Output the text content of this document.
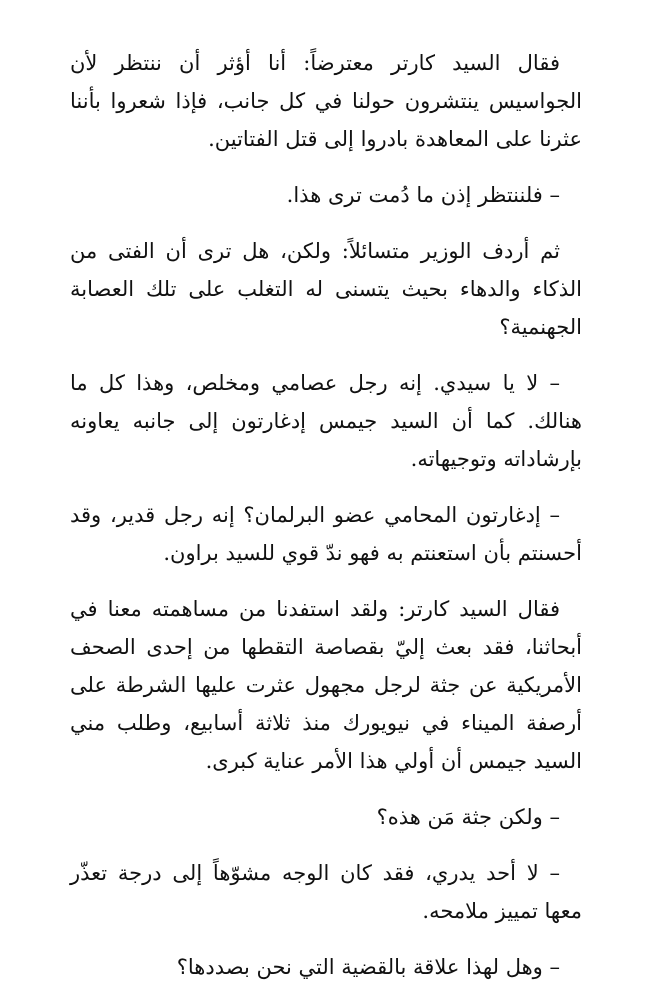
فقال السيد كارتر معترضاً: أنا أؤثر أن ننتظر لأن الجواسيس ينتشرون حولنا في كل جانب، فإذا شعروا بأننا عثرنا على المعاهدة بادروا إلى قتل الفتاتين.

– فلننتظر إذن ما دُمت ترى هذا.

ثم أردف الوزير متسائلاً: ولكن، هل ترى أن الفتى من الذكاء والدهاء بحيث يتسنى له التغلب على تلك العصابة الجهنمية؟

– لا يا سيدي. إنه رجل عصامي ومخلص، وهذا كل ما هنالك. كما أن السيد جيمس إدغارتون إلى جانبه يعاونه بإرشاداته وتوجيهاته.

– إدغارتون المحامي عضو البرلمان؟ إنه رجل قدير، وقد أحسنتم بأن استعنتم به فهو ندّ قوي للسيد براون.

فقال السيد كارتر: ولقد استفدنا من مساهمته معنا في أبحاثنا، فقد بعث إليّ بقصاصة التقطها من إحدى الصحف الأمريكية عن جثة لرجل مجهول عثرت عليها الشرطة على أرصفة الميناء في نيويورك منذ ثلاثة أسابيع، وطلب مني السيد جيمس أن أولي هذا الأمر عناية كبرى.

– ولكن جثة مَن هذه؟

– لا أحد يدري، فقد كان الوجه مشوّهاً إلى درجة تعذّر معها تمييز ملامحه.

– وهل لهذا علاقة بالقضية التي نحن بصددها؟
